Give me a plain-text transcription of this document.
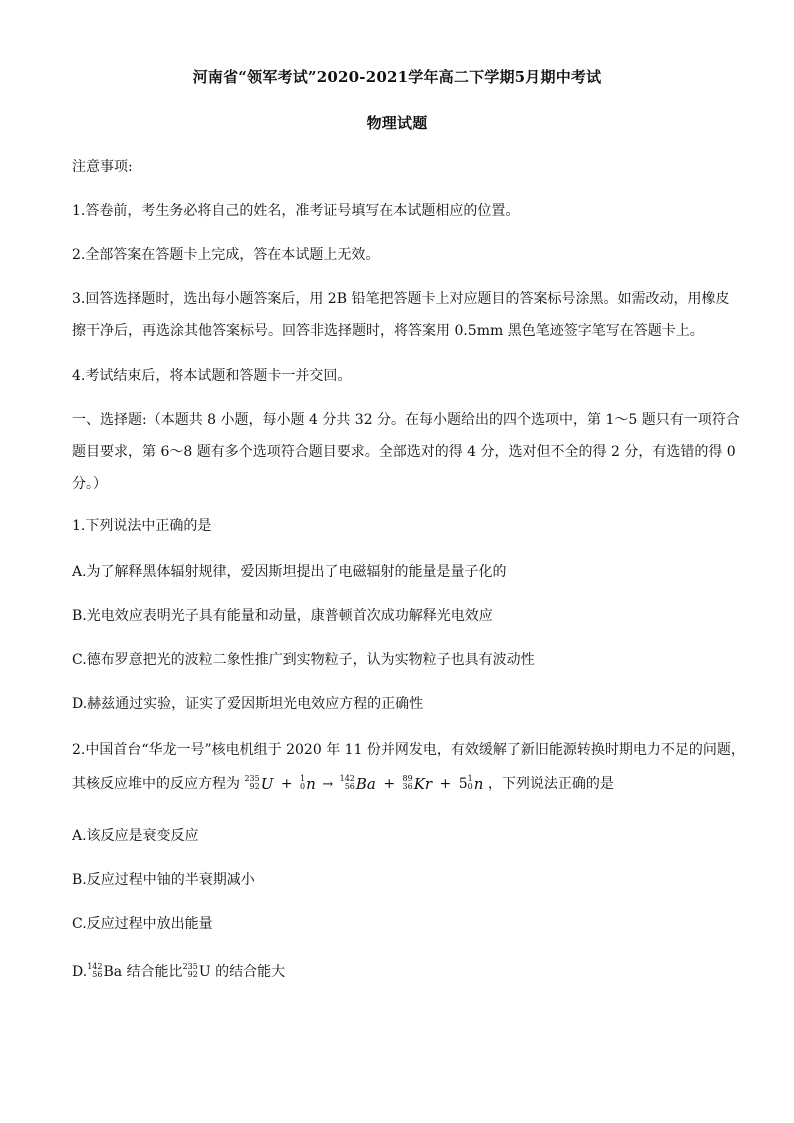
河南省“领军考试”2020-2021学年高二下学期5月期中考试
物理试题
注意事项:
1.答卷前，考生务必将自己的姓名，准考证号填写在本试题相应的位置。
2.全部答案在答题卡上完成，答在本试题上无效。
3.回答选择题时，选出每小题答案后，用 2B 铅笔把答题卡上对应题目的答案标号涂黑。如需改动，用橡皮
擦干净后，再选涂其他答案标号。回答非选择题时，将答案用 0.5mm 黑色笔迹签字笔写在答题卡上。
4.考试结束后，将本试题和答题卡一并交回。
一、选择题:（本题共 8 小题，每小题 4 分共 32 分。在每小题给出的四个选项中，第 1～5 题只有一项符合
题目要求，第 6～8 题有多个选项符合题目要求。全部选对的得 4 分，选对但不全的得 2 分，有选错的得 0
分。）
1.下列说法中正确的是
A.为了解释黑体辐射规律，爱因斯坦提出了电磁辐射的能量是量子化的
B.光电效应表明光子具有能量和动量，康普顿首次成功解释光电效应
C.德布罗意把光的波粒二象性推广到实物粒子，认为实物粒子也具有波动性
D.赫兹通过实验，证实了爱因斯坦光电效应方程的正确性
2.中国首台“华龙一号”核电机组于 2020 年 11 份并网发电，有效缓解了新旧能源转换时期电力不足的问题，
其核反应堆中的反应方程为 235
92 U + 1
0 n → 142
56 Ba + 89
36 Kr + 5 1
0 n ，下列说法正确的是
A.该反应是衰变反应
B.反应过程中铀的半衰期减小
C.反应过程中放出能量
D. 142
56 Ba 结合能比 235
92 U 的结合能大
